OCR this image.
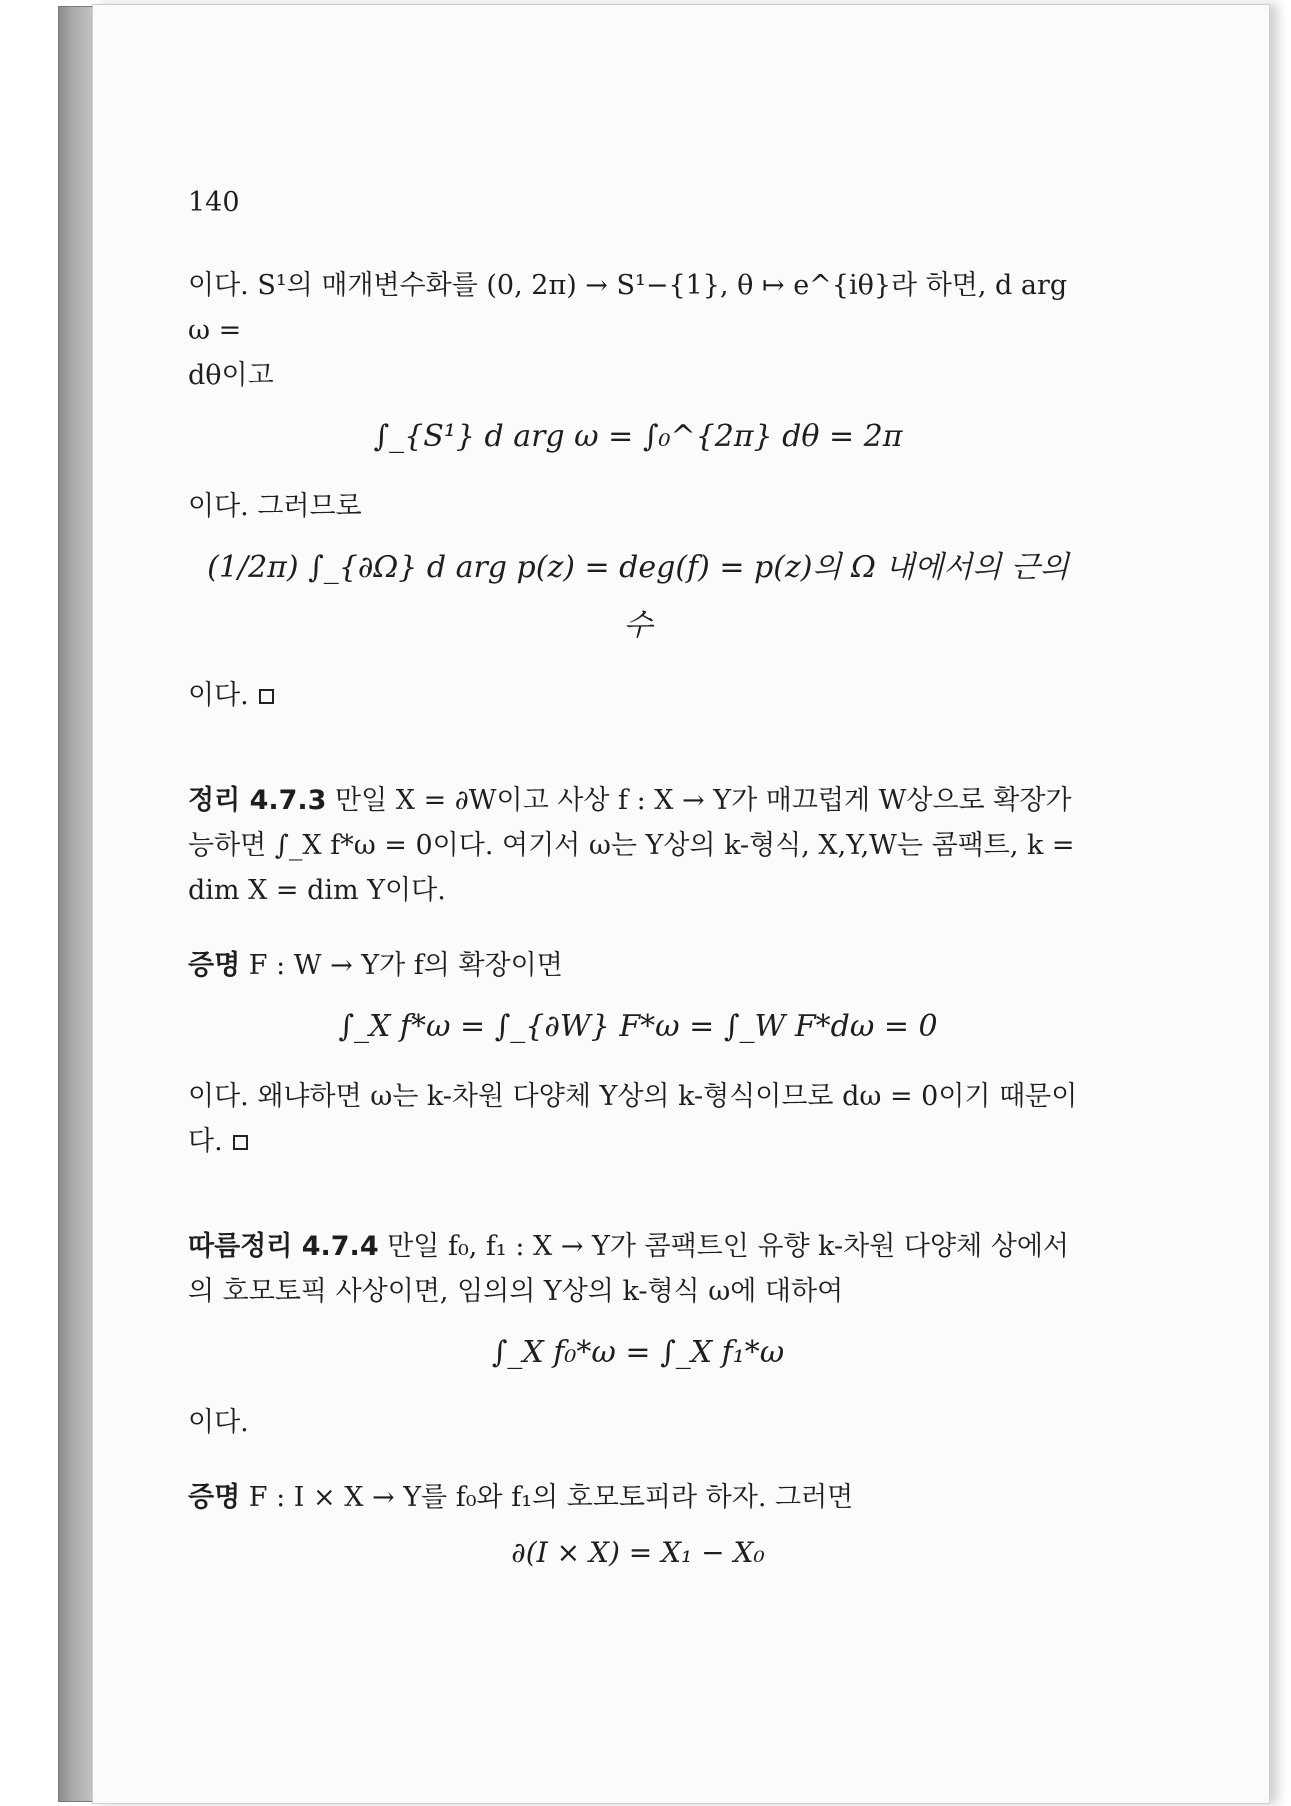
140

이다. S¹의 매개변수화를 (0, 2π) → S¹−{1}, θ ↦ e^{iθ}라 하면, d arg ω =

dθ이고

∫_{S¹} d arg ω = ∫₀^{2π} dθ = 2π

이다. 그러므로

(1/2π) ∫_{∂Ω} d arg p(z) = deg(f) = p(z)의 Ω 내에서의 근의 수

이다.

정리 4.7.3 만일 X = ∂W이고 사상 f : X → Y가 매끄럽게 W상으로 확장가능하면 ∫_X f*ω = 0이다. 여기서 ω는 Y상의 k-형식, X,Y,W는 콤팩트, k = dim X = dim Y이다.

증명 F : W → Y가 f의 확장이면

∫_X f*ω = ∫_{∂W} F*ω = ∫_W F*dω = 0

이다. 왜냐하면 ω는 k-차원 다양체 Y상의 k-형식이므로 dω = 0이기 때문이다.

따름정리 4.7.4 만일 f₀, f₁ : X → Y가 콤팩트인 유향 k-차원 다양체 상에서의 호모토픽 사상이면, 임의의 Y상의 k-형식 ω에 대하여

∫_X f₀*ω = ∫_X f₁*ω

이다.

증명 F : I × X → Y를 f₀와 f₁의 호모토피라 하자. 그러면

∂(I × X) = X₁ − X₀
